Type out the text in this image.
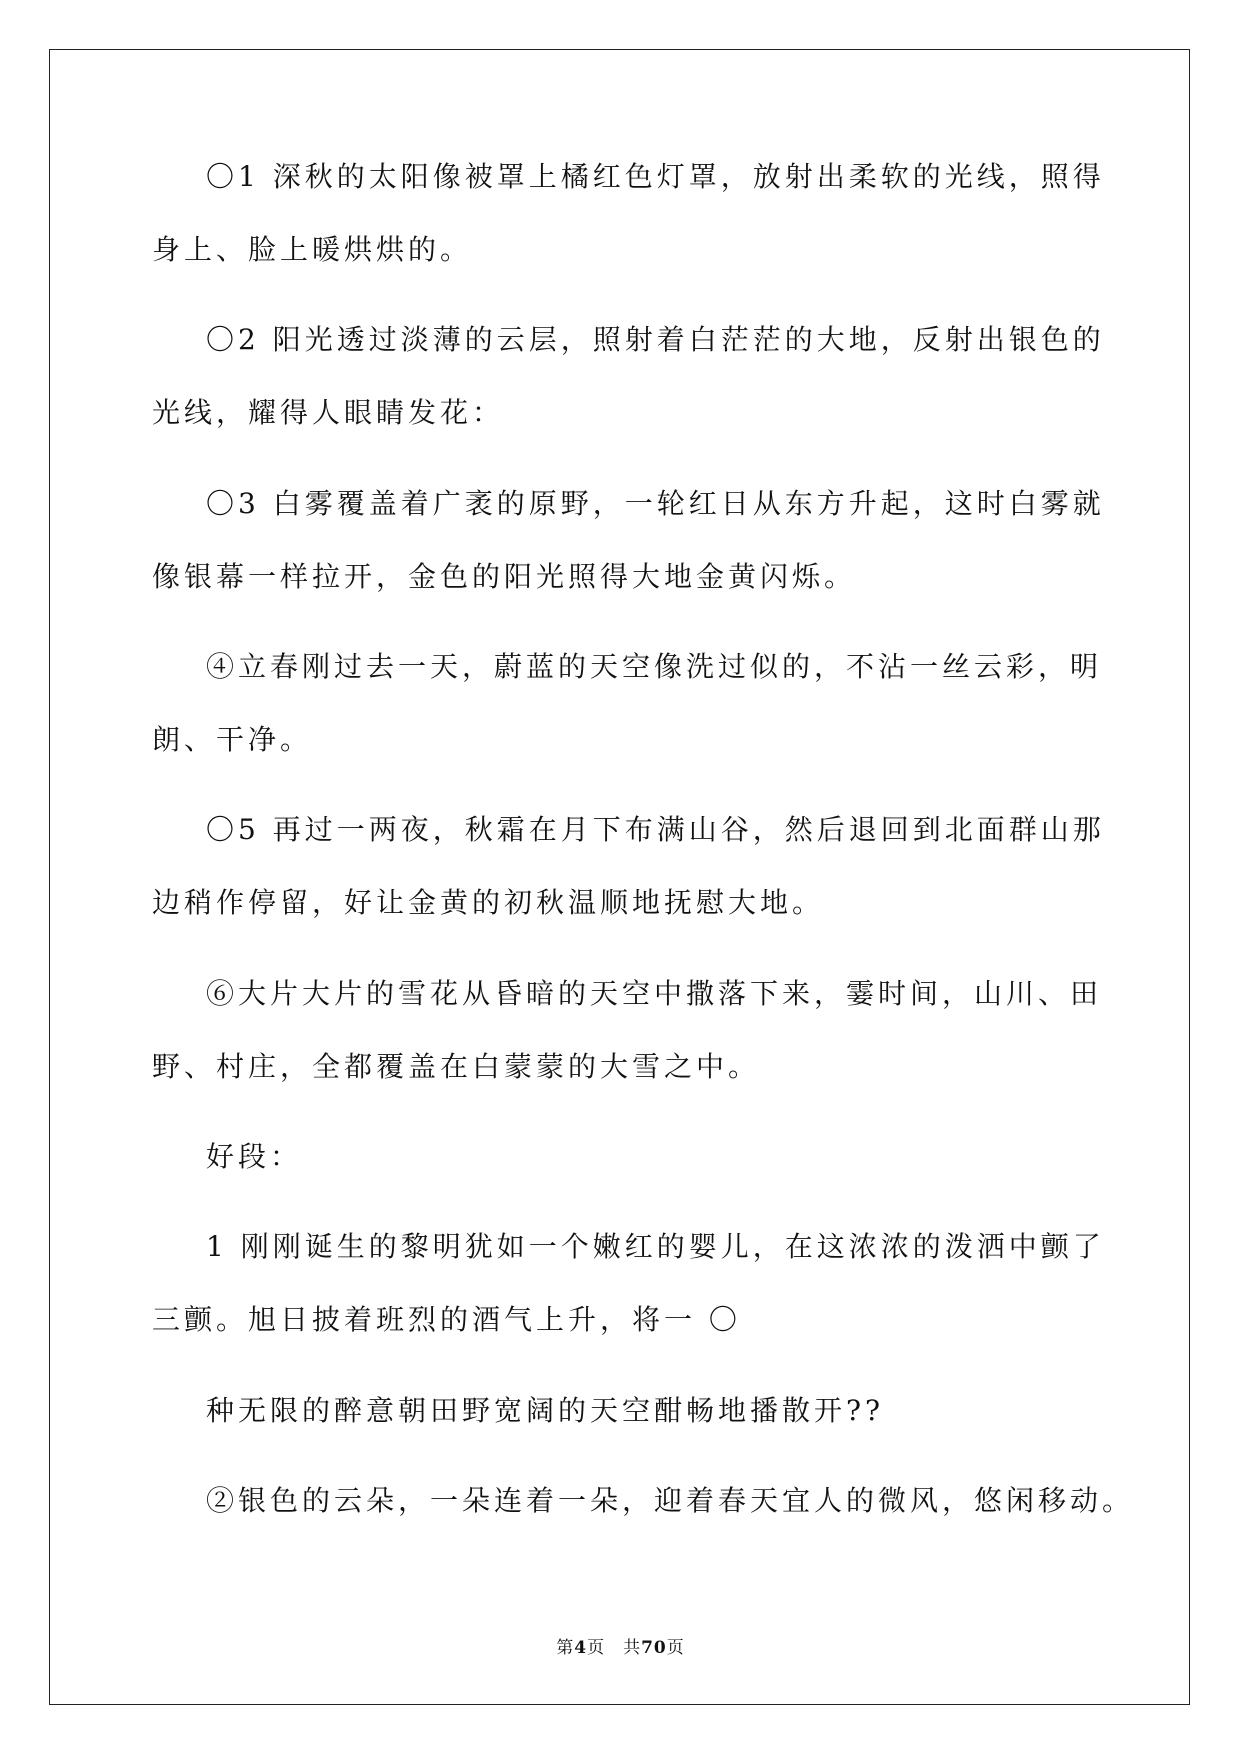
〇1 深秋的太阳像被罩上橘红色灯罩，放射出柔软的光线，照得

身上、脸上暖烘烘的。

〇2 阳光透过淡薄的云层，照射着白茫茫的大地，反射出银色的

光线，耀得人眼睛发花：

〇3 白雾覆盖着广袤的原野，一轮红日从东方升起，这时白雾就

像银幕一样拉开，金色的阳光照得大地金黄闪烁。

④立春刚过去一天，蔚蓝的天空像洗过似的，不沾一丝云彩，明

朗、干净。

〇5 再过一两夜，秋霜在月下布满山谷，然后退回到北面群山那

边稍作停留，好让金黄的初秋温顺地抚慰大地。

⑥大片大片的雪花从昏暗的天空中撒落下来，霎时间，山川、田

野、村庄，全都覆盖在白蒙蒙的大雪之中。

好段：

1 刚刚诞生的黎明犹如一个嫩红的婴儿，在这浓浓的泼洒中颤了

三颤。旭日披着班烈的酒气上升，将一 〇

种无限的醉意朝田野宽阔的天空酣畅地播散开??

②银色的云朵，一朵连着一朵，迎着春天宜人的微风，悠闲移动。

第4页 共70页
